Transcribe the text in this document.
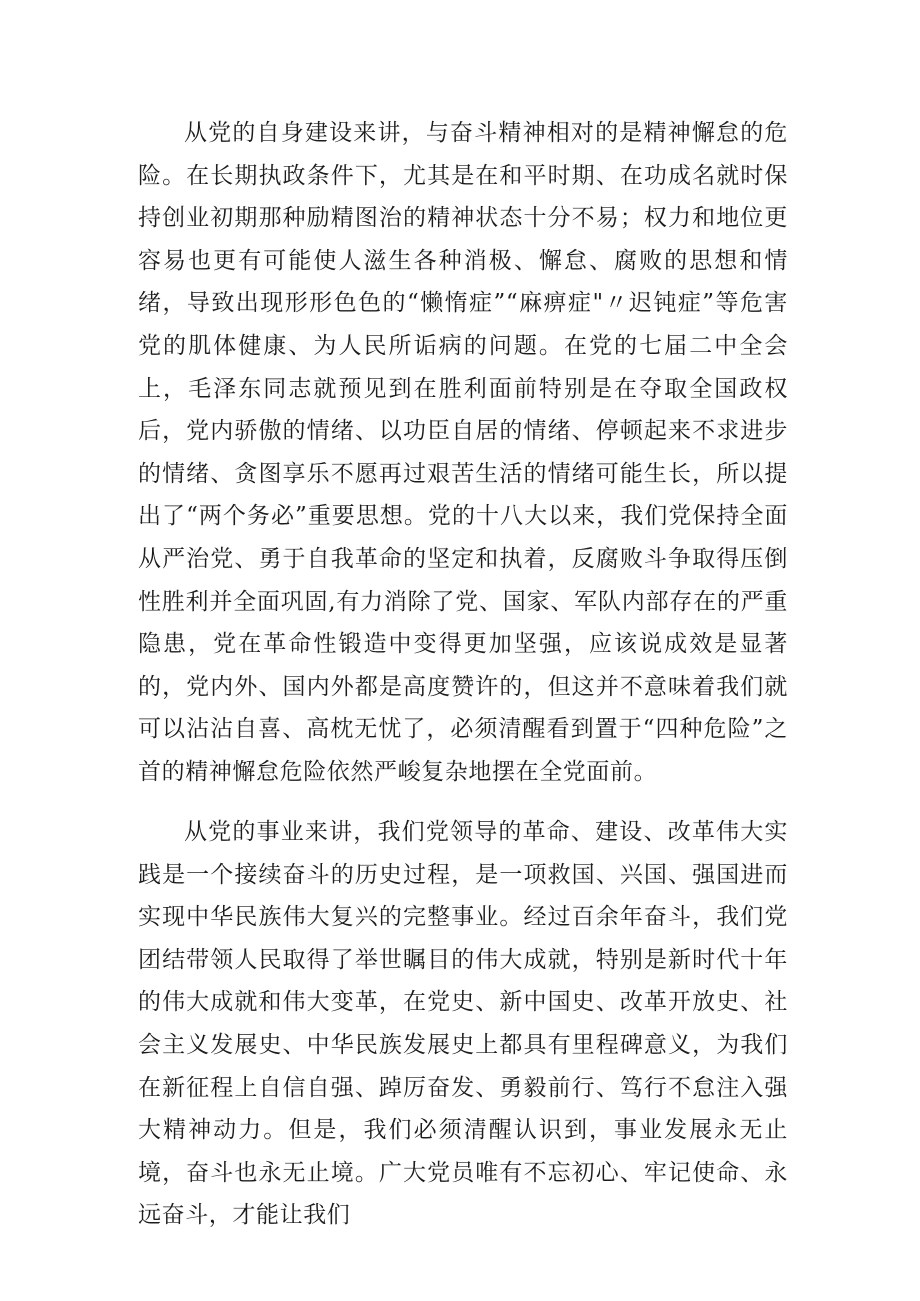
从党的自身建设来讲，与奋斗精神相对的是精神懈怠的危险。在长期执政条件下，尤其是在和平时期、在功成名就时保持创业初期那种励精图治的精神状态十分不易；权力和地位更容易也更有可能使人滋生各种消极、懈怠、腐败的思想和情绪，导致出现形形色色的“懒惰症”“麻痹症"〃迟钝症”等危害党的肌体健康、为人民所诟病的问题。在党的七届二中全会上，毛泽东同志就预见到在胜利面前特别是在夺取全国政权后，党内骄傲的情绪、以功臣自居的情绪、停顿起来不求进步的情绪、贪图享乐不愿再过艰苦生活的情绪可能生长，所以提出了“两个务必”重要思想。党的十八大以来，我们党保持全面从严治党、勇于自我革命的坚定和执着，反腐败斗争取得压倒性胜利并全面巩固,有力消除了党、国家、军队内部存在的严重隐患，党在革命性锻造中变得更加坚强，应该说成效是显著的，党内外、国内外都是高度赞许的，但这并不意味着我们就可以沾沾自喜、高枕无忧了，必须清醒看到置于“四种危险”之首的精神懈怠危险依然严峻复杂地摆在全党面前。

从党的事业来讲，我们党领导的革命、建设、改革伟大实践是一个接续奋斗的历史过程，是一项救国、兴国、强国进而实现中华民族伟大复兴的完整事业。经过百余年奋斗，我们党团结带领人民取得了举世瞩目的伟大成就，特别是新时代十年的伟大成就和伟大变革，在党史、新中国史、改革开放史、社会主义发展史、中华民族发展史上都具有里程碑意义，为我们在新征程上自信自强、踔厉奋发、勇毅前行、笃行不怠注入强大精神动力。但是，我们必须清醒认识到，事业发展永无止境，奋斗也永无止境。广大党员唯有不忘初心、牢记使命、永远奋斗，才能让我们
